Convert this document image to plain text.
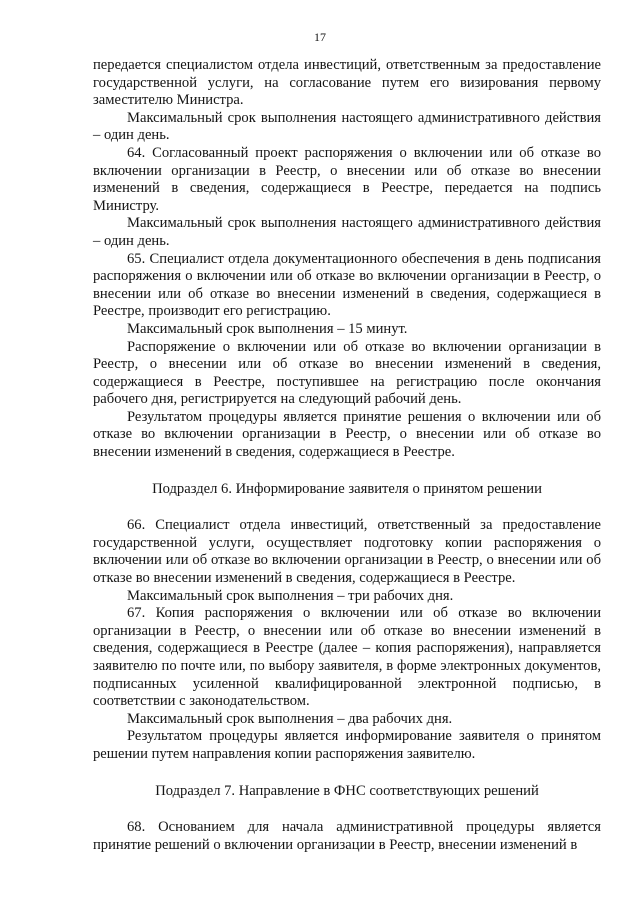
17

передается специалистом отдела инвестиций, ответственным за предоставление государственной услуги, на согласование путем его визирования первому заместителю Министра.

Максимальный срок выполнения настоящего административного действия – один день.

64. Согласованный проект распоряжения о включении или об отказе во включении организации в Реестр, о внесении или об отказе во внесении изменений в сведения, содержащиеся в Реестре, передается на подпись Министру.

Максимальный срок выполнения настоящего административного действия – один день.

65. Специалист отдела документационного обеспечения в день подписания распоряжения о включении или об отказе во включении организации в Реестр, о внесении или об отказе во внесении изменений в сведения, содержащиеся в Реестре, производит его регистрацию.

Максимальный срок выполнения – 15 минут.

Распоряжение о включении или об отказе во включении организации в Реестр, о внесении или об отказе во внесении изменений в сведения, содержащиеся в Реестре, поступившее на регистрацию после окончания рабочего дня, регистрируется на следующий рабочий день.

Результатом процедуры является принятие решения о включении или об отказе во включении организации в Реестр, о внесении или об отказе во внесении изменений в сведения, содержащиеся в Реестре.

Подраздел 6. Информирование заявителя о принятом решении

66. Специалист отдела инвестиций, ответственный за предоставление государственной услуги, осуществляет подготовку копии распоряжения о включении или об отказе во включении организации в Реестр, о внесении или об отказе во внесении изменений в сведения, содержащиеся в Реестре.

Максимальный срок выполнения – три рабочих дня.

67. Копия распоряжения о включении или об отказе во включении организации в Реестр, о внесении или об отказе во внесении изменений в сведения, содержащиеся в Реестре (далее – копия распоряжения), направляется заявителю по почте или, по выбору заявителя, в форме электронных документов, подписанных усиленной квалифицированной электронной подписью, в соответствии с законодательством.

Максимальный срок выполнения – два рабочих дня.

Результатом процедуры является информирование заявителя о принятом решении путем направления копии распоряжения заявителю.

Подраздел 7. Направление в ФНС соответствующих решений

68. Основанием для начала административной процедуры является принятие решений о включении организации в Реестр, внесении изменений в
